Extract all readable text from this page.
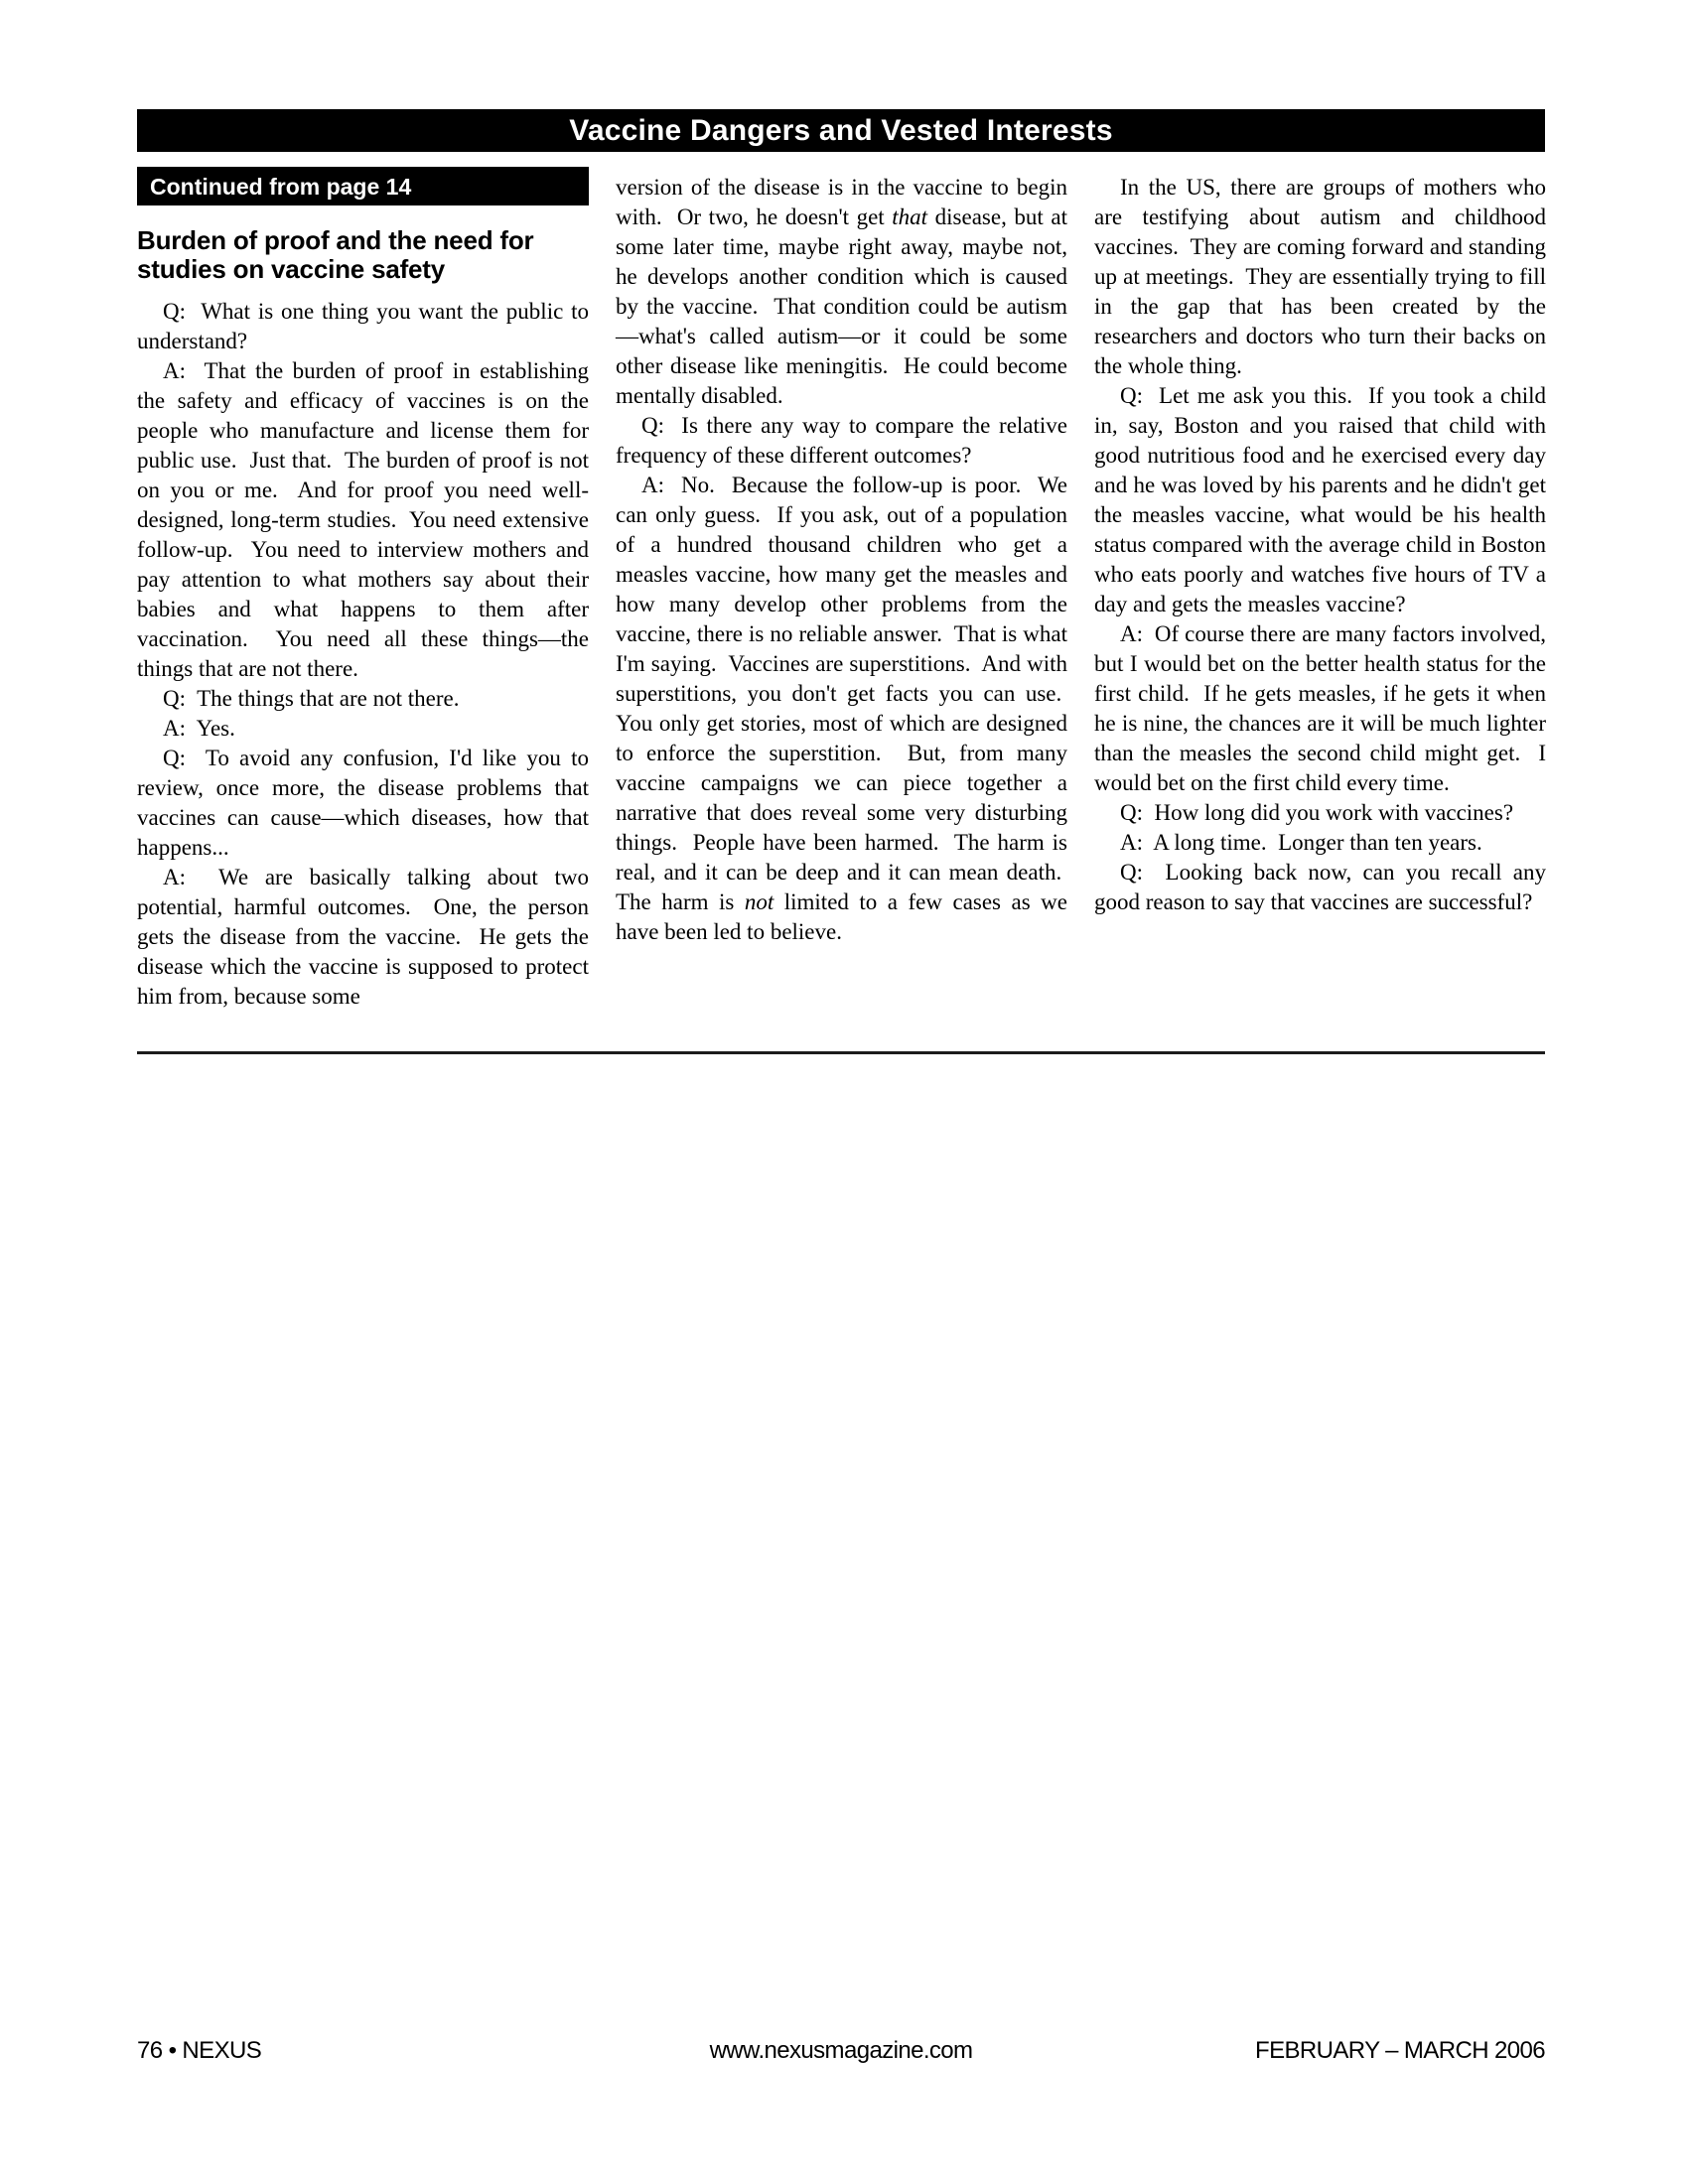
Vaccine Dangers and Vested Interests
Continued from page 14
Burden of proof and the need for studies on vaccine safety

Q:  What is one thing you want the public to understand?

A:  That the burden of proof in establishing the safety and efficacy of vaccines is on the people who manufacture and license them for public use.  Just that.  The burden of proof is not on you or me.  And for proof you need well-designed, long-term studies.  You need extensive follow-up.  You need to interview mothers and pay attention to what mothers say about their babies and what happens to them after vaccination.  You need all these things—the things that are not there.

Q:  The things that are not there.

A:  Yes.

Q:  To avoid any confusion, I'd like you to review, once more, the disease problems that vaccines can cause—which diseases, how that happens...

A:  We are basically talking about two potential, harmful outcomes.  One, the person gets the disease from the vaccine.  He gets the disease which the vaccine is supposed to protect him from, because some

version of the disease is in the vaccine to begin with.  Or two, he doesn't get that disease, but at some later time, maybe right away, maybe not, he develops another condition which is caused by the vaccine.  That condition could be autism—what's called autism—or it could be some other disease like meningitis.  He could become mentally disabled.

Q:  Is there any way to compare the relative frequency of these different outcomes?

A:  No.  Because the follow-up is poor.  We can only guess.  If you ask, out of a population of a hundred thousand children who get a measles vaccine, how many get the measles and how many develop other problems from the vaccine, there is no reliable answer.  That is what I'm saying.  Vaccines are superstitions.  And with superstitions, you don't get facts you can use.  You only get stories, most of which are designed to enforce the superstition.  But, from many vaccine campaigns we can piece together a narrative that does reveal some very disturbing things.  People have been harmed.  The harm is real, and it can be deep and it can mean death.  The harm is not limited to a few cases as we have been led to believe.

In the US, there are groups of mothers who are testifying about autism and childhood vaccines.  They are coming forward and standing up at meetings.  They are essentially trying to fill in the gap that has been created by the researchers and doctors who turn their backs on the whole thing.

Q:  Let me ask you this.  If you took a child in, say, Boston and you raised that child with good nutritious food and he exercised every day and he was loved by his parents and he didn't get the measles vaccine, what would be his health status compared with the average child in Boston who eats poorly and watches five hours of TV a day and gets the measles vaccine?

A:  Of course there are many factors involved, but I would bet on the better health status for the first child.  If he gets measles, if he gets it when he is nine, the chances are it will be much lighter than the measles the second child might get.  I would bet on the first child every time.

Q:  How long did you work with vaccines?

A:  A long time.  Longer than ten years.

Q:  Looking back now, can you recall any good reason to say that vaccines are successful?

76 • NEXUS	www.nexusmagazine.com	FEBRUARY – MARCH 2006
